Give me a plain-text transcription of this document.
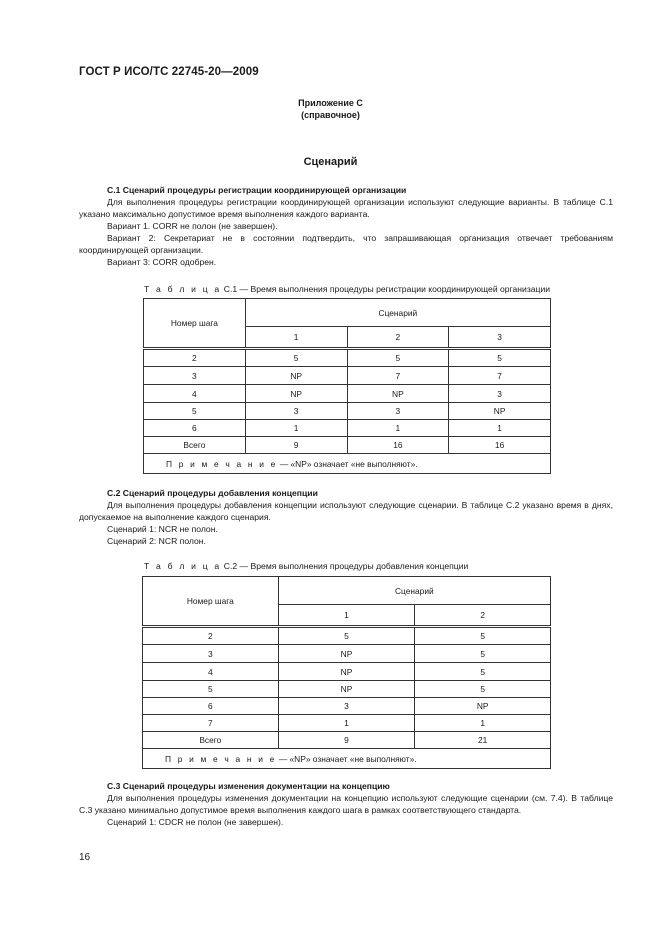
ГОСТ Р ИСО/ТС 22745-20—2009
Приложение С
(справочное)
Сценарий

С.1 Сценарий процедуры регистрации координирующей организации

Для выполнения процедуры регистрации координирующей организации используют следующие варианты. В таблице С.1 указано максимально допустимое время выполнения каждого варианта.

Вариант 1. CORR не полон (не завершен).

Вариант 2: Секретариат не в состоянии подтвердить, что запрашивающая организация отвечает требованиям координирующей организации.

Вариант 3: CORR одобрен.

Т а б л и ц а С.1 — Время выполнения процедуры регистрации координирующей организации
Номер шага	Сценарий		
	1	2	3
2	5	5	5
3	NP	7	7
4	NP	NP	3
5	3	3	NP
6	1	1	1
Всего	9	16	16
П р и м е ч а н и е — «NP» означает «не выполняют».			

С.2 Сценарий процедуры добавления концепции

Для выполнения процедуры добавления концепции используют следующие сценарии. В таблице С.2 указано время в днях, допускаемое на выполнение каждого сценария.

Сценарий 1: NCR не полон.

Сценарий 2: NCR полон.

Т а б л и ц а С.2 — Время выполнения процедуры добавления концепции
Номер шага	Сценарий	
	1	2
2	5	5
3	NP	5
4	NP	5
5	NP	5
6	3	NP
7	1	1
Всего	9	21
П р и м е ч а н и е — «NP» означает «не выполняют».		

С.3 Сценарий процедуры изменения документации на концепцию

Для выполнения процедуры изменения документации на концепцию используют следующие сценарии (см. 7.4). В таблице С.3 указано минимально допустимое время выполнения каждого шага в рамках соответствующего стандарта.

Сценарий 1: CDCR не полон (не завершен).

16
